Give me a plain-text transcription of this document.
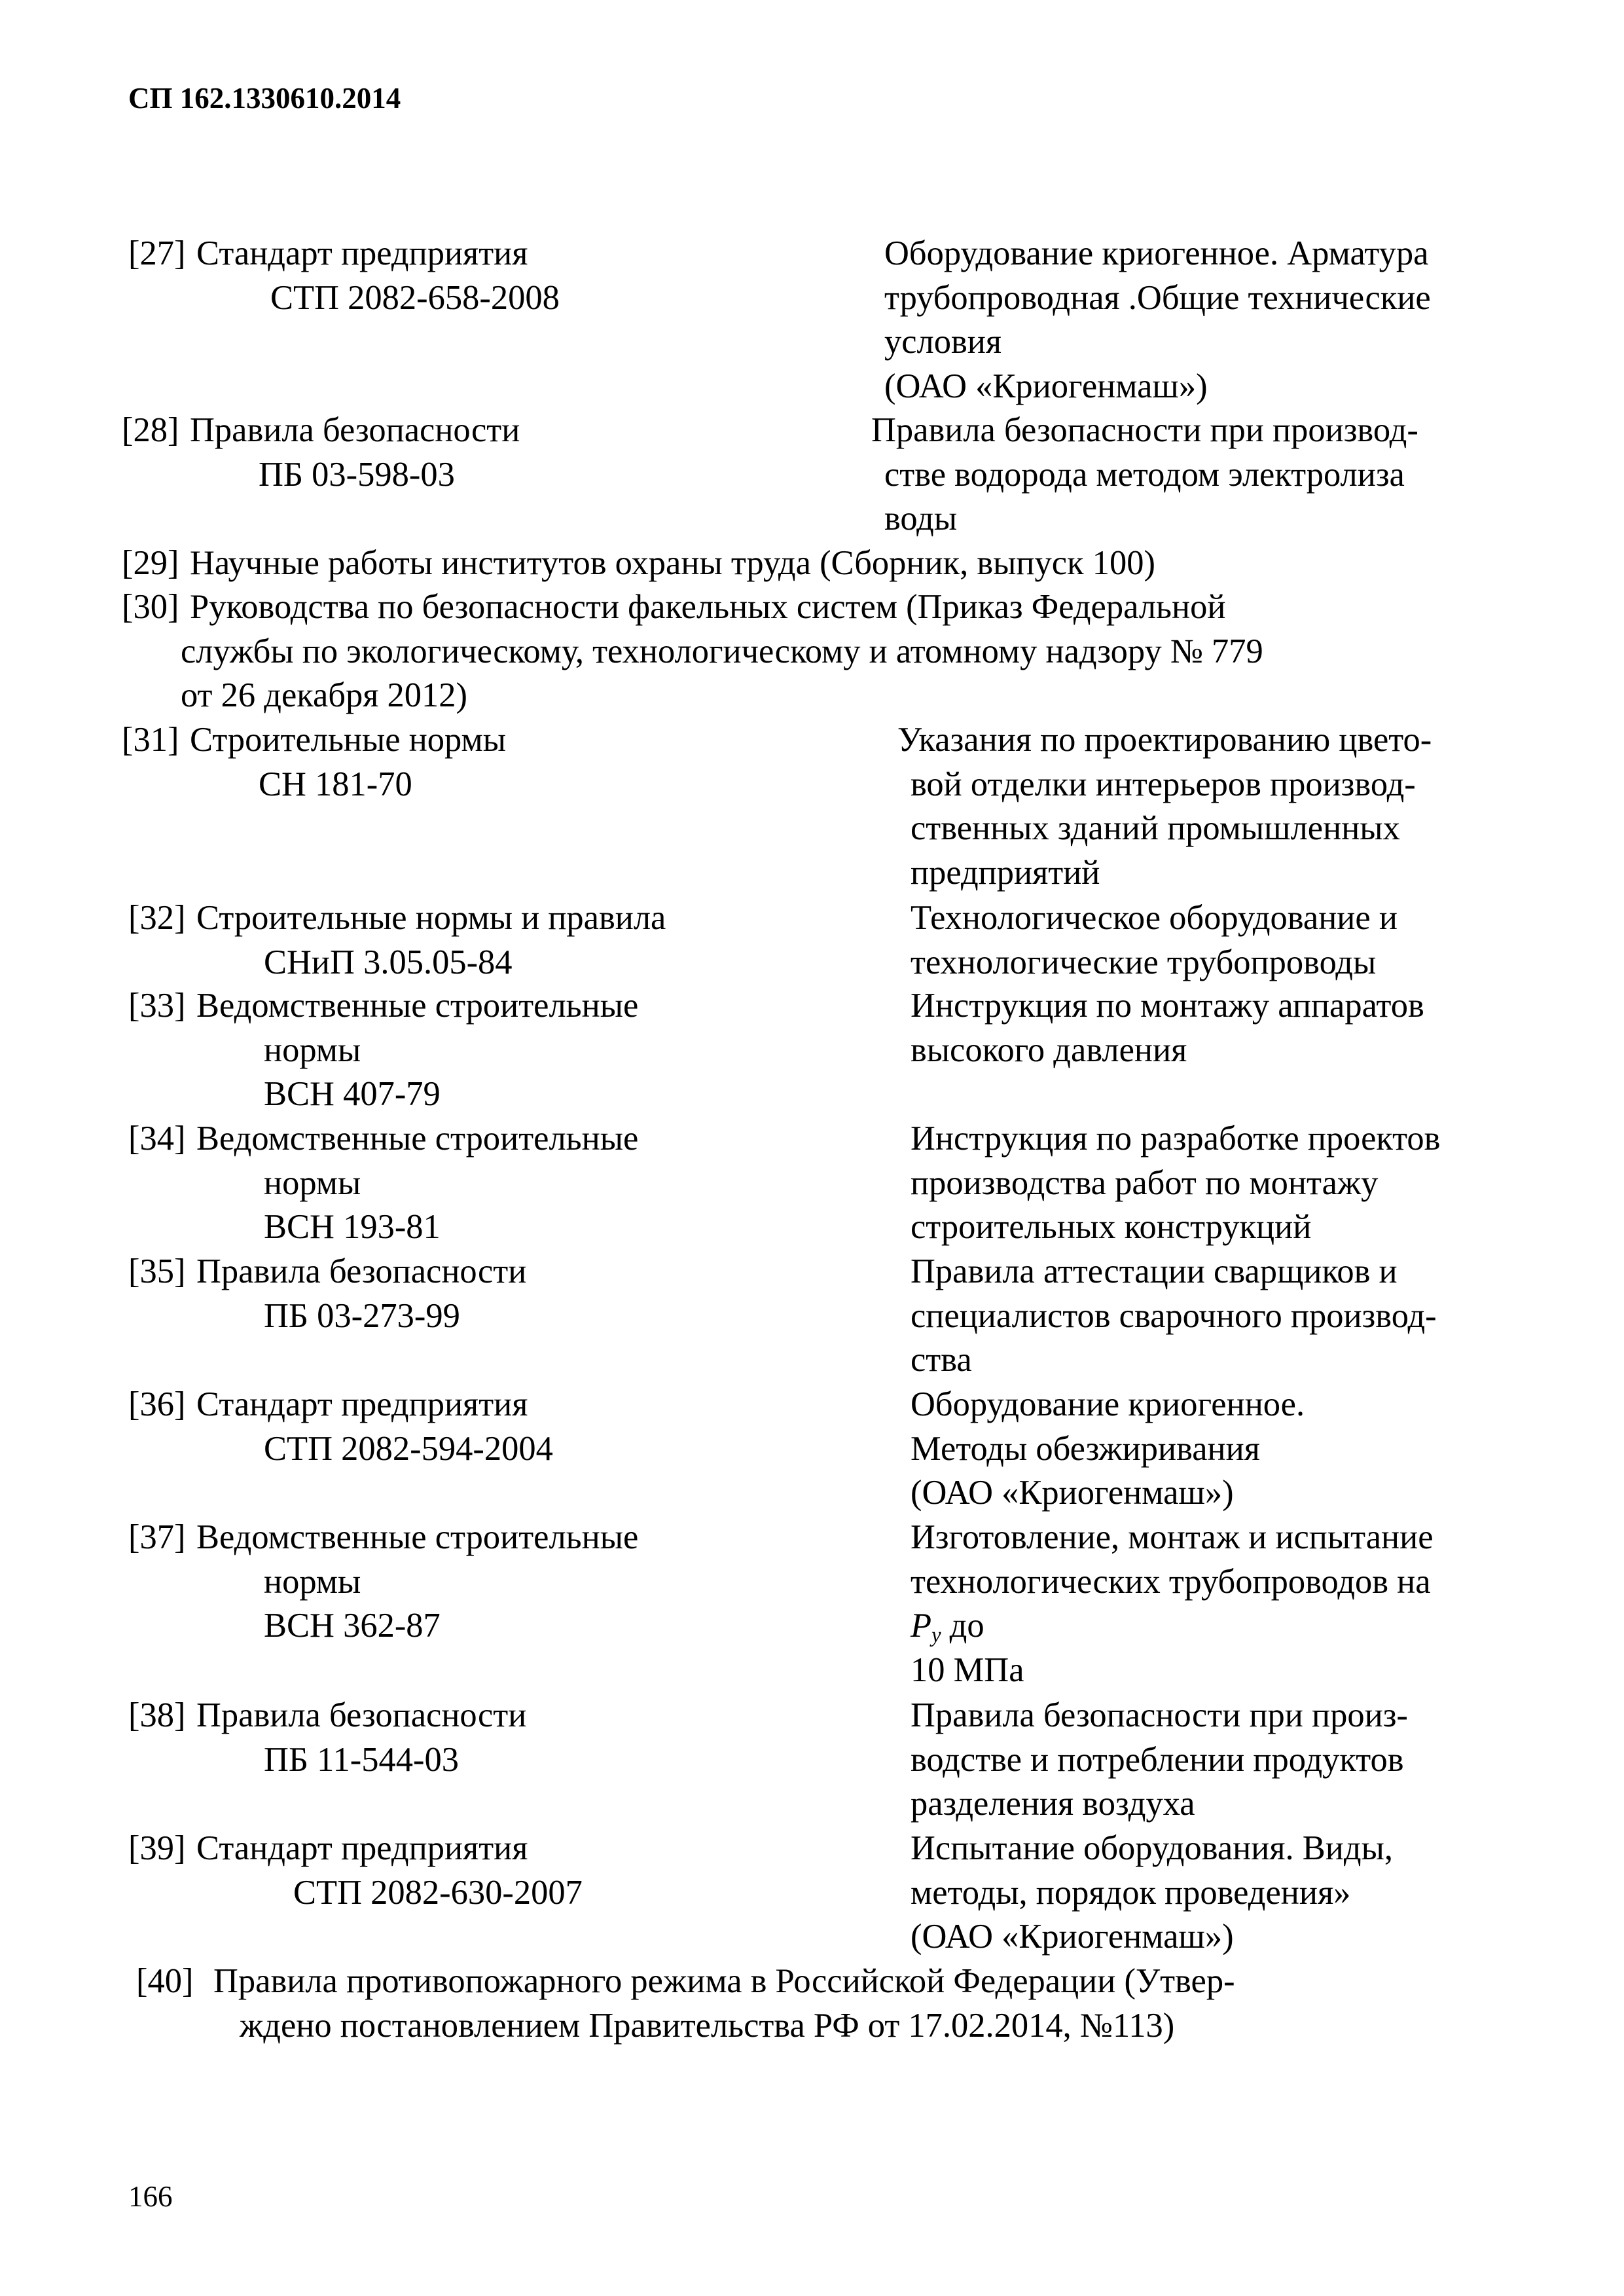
СП 162.1330610.2014
[27] Стандарт предприятия
СТП 2082-658-2008
Оборудование криогенное. Арматура
трубопроводная .Общие технические
условия
(ОАО «Криогенмаш»)
[28] Правила безопасности
ПБ 03-598-03
Правила безопасности при производ-
стве водорода методом электролиза
воды
[29] Научные работы институтов охраны труда (Сборник, выпуск 100)
[30] Руководства по безопасности факельных систем (Приказ Федеральной
службы по экологическому, технологическому и атомному надзору № 779
от 26 декабря 2012)
[31] Строительные нормы
СН 181-70
Указания по проектированию цвето-
вой отделки интерьеров производ-
ственных зданий промышленных
предприятий
[32] Строительные нормы и правила
СНиП 3.05.05-84
Технологическое оборудование и
технологические трубопроводы
[33] Ведомственные строительные
нормы
ВСН 407-79
Инструкция по монтажу аппаратов
высокого давления
[34] Ведомственные строительные
нормы
ВСН 193-81
Инструкция по разработке проектов
производства работ по монтажу
строительных конструкций
[35] Правила безопасности
ПБ 03-273-99
Правила аттестации сварщиков и
специалистов сварочного производ-
ства
[36] Стандарт предприятия
СТП 2082-594-2004
Оборудование криогенное.
Методы обезжиривания
(ОАО «Криогенмаш»)
[37] Ведомственные строительные
нормы
ВСН 362-87
Изготовление, монтаж и испытание
технологических трубопроводов на
$P_y$ до
10 МПа
[38] Правила безопасности
ПБ 11-544-03
Правила безопасности при произ-
водстве и потреблении продуктов
разделения воздуха
[39] Стандарт предприятия
СТП 2082-630-2007
Испытание оборудования. Виды,
методы, порядок проведения»
(ОАО «Криогенмаш»)
[40] Правила противопожарного режима в Российской Федерации (Утвер-
ждено постановлением Правительства РФ от 17.02.2014, №113)
166
